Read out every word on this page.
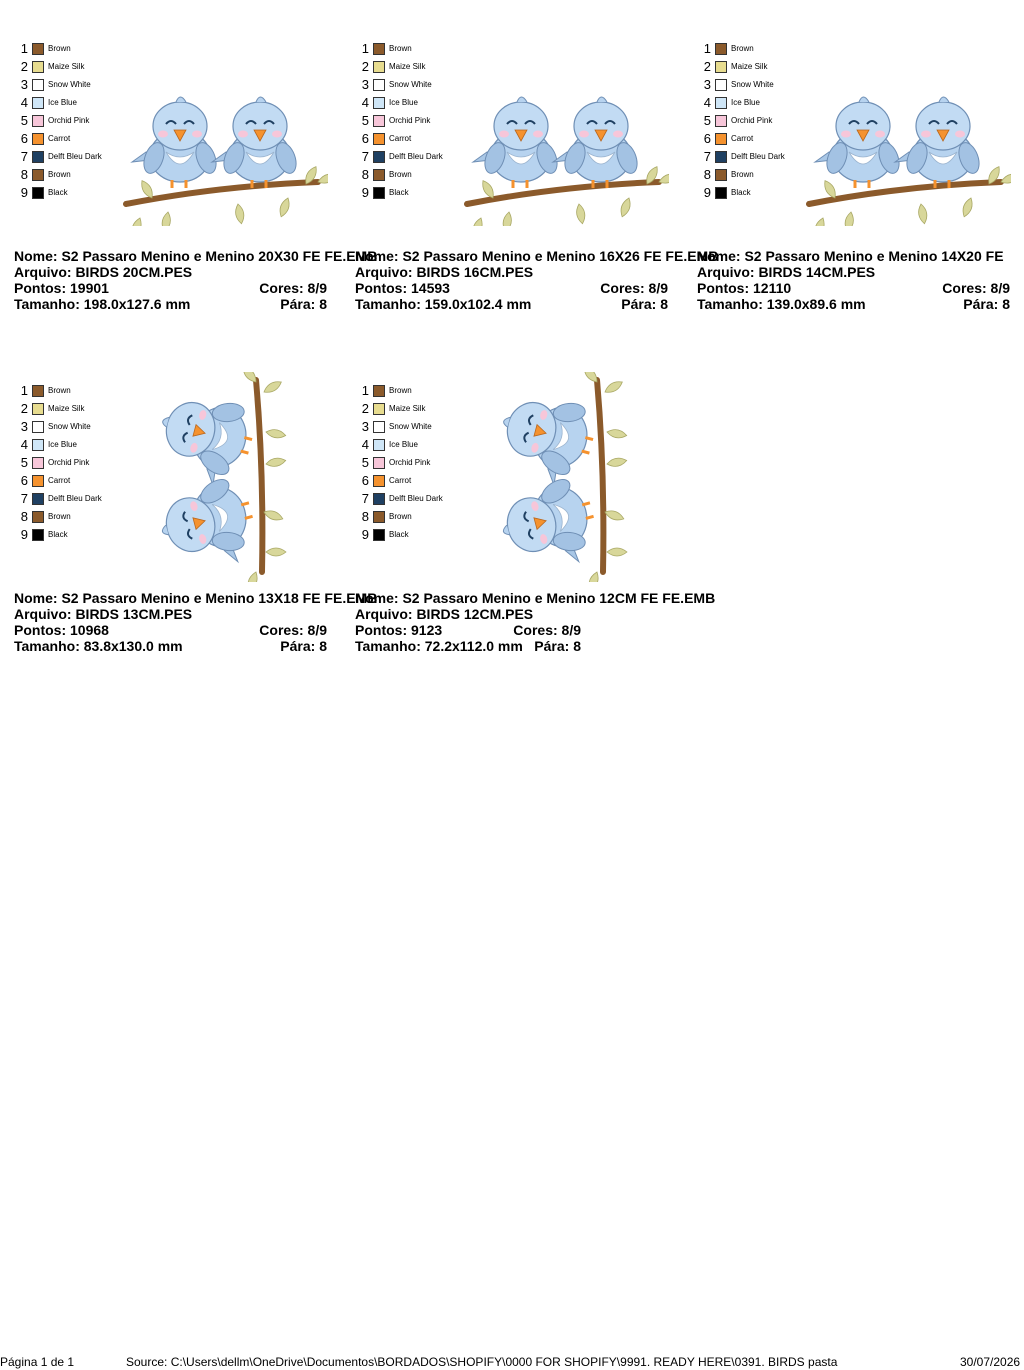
1	Brown
2	Maize Silk
3	Snow White
4	Ice Blue
5	Orchid Pink
6	Carrot
7	Delft Bleu Dark
8	Brown
9	Black
Nome: S2 Passaro Menino e Menino 20X30 FE FE.EMB
Arquivo: BIRDS 20CM.PES
Pontos: 19901	Cores: 8/9
Tamanho: 198.0x127.6 mm	Pára: 8
1	Brown
2	Maize Silk
3	Snow White
4	Ice Blue
5	Orchid Pink
6	Carrot
7	Delft Bleu Dark
8	Brown
9	Black
Nome: S2 Passaro Menino e Menino 16X26 FE FE.EMB
Arquivo: BIRDS 16CM.PES
Pontos: 14593	Cores: 8/9
Tamanho: 159.0x102.4 mm	Pára: 8
1	Brown
2	Maize Silk
3	Snow White
4	Ice Blue
5	Orchid Pink
6	Carrot
7	Delft Bleu Dark
8	Brown
9	Black
Nome: S2 Passaro Menino e Menino 14X20 FE
Arquivo: BIRDS 14CM.PES
Pontos: 12110	Cores: 8/9
Tamanho: 139.0x89.6 mm	Pára: 8
1	Brown
2	Maize Silk
3	Snow White
4	Ice Blue
5	Orchid Pink
6	Carrot
7	Delft Bleu Dark
8	Brown
9	Black
Nome: S2 Passaro Menino e Menino 13X18 FE FE.EMB
Arquivo: BIRDS 13CM.PES
Pontos: 10968	Cores: 8/9
Tamanho: 83.8x130.0 mm	Pára: 8
1	Brown
2	Maize Silk
3	Snow White
4	Ice Blue
5	Orchid Pink
6	Carrot
7	Delft Bleu Dark
8	Brown
9	Black
Nome: S2 Passaro Menino e Menino 12CM FE FE.EMB
Arquivo: BIRDS 12CM.PES
Pontos: 9123	Cores: 8/9
Tamanho: 72.2x112.0 mm Pára: 8
Página 1 de 1	Source: C:\Users\dellm\OneDrive\Documentos\BORDADOS\SHOPIFY\0000 FOR SHOPIFY\9991. READY HERE\0391. BIRDS pasta	30/07/2026
